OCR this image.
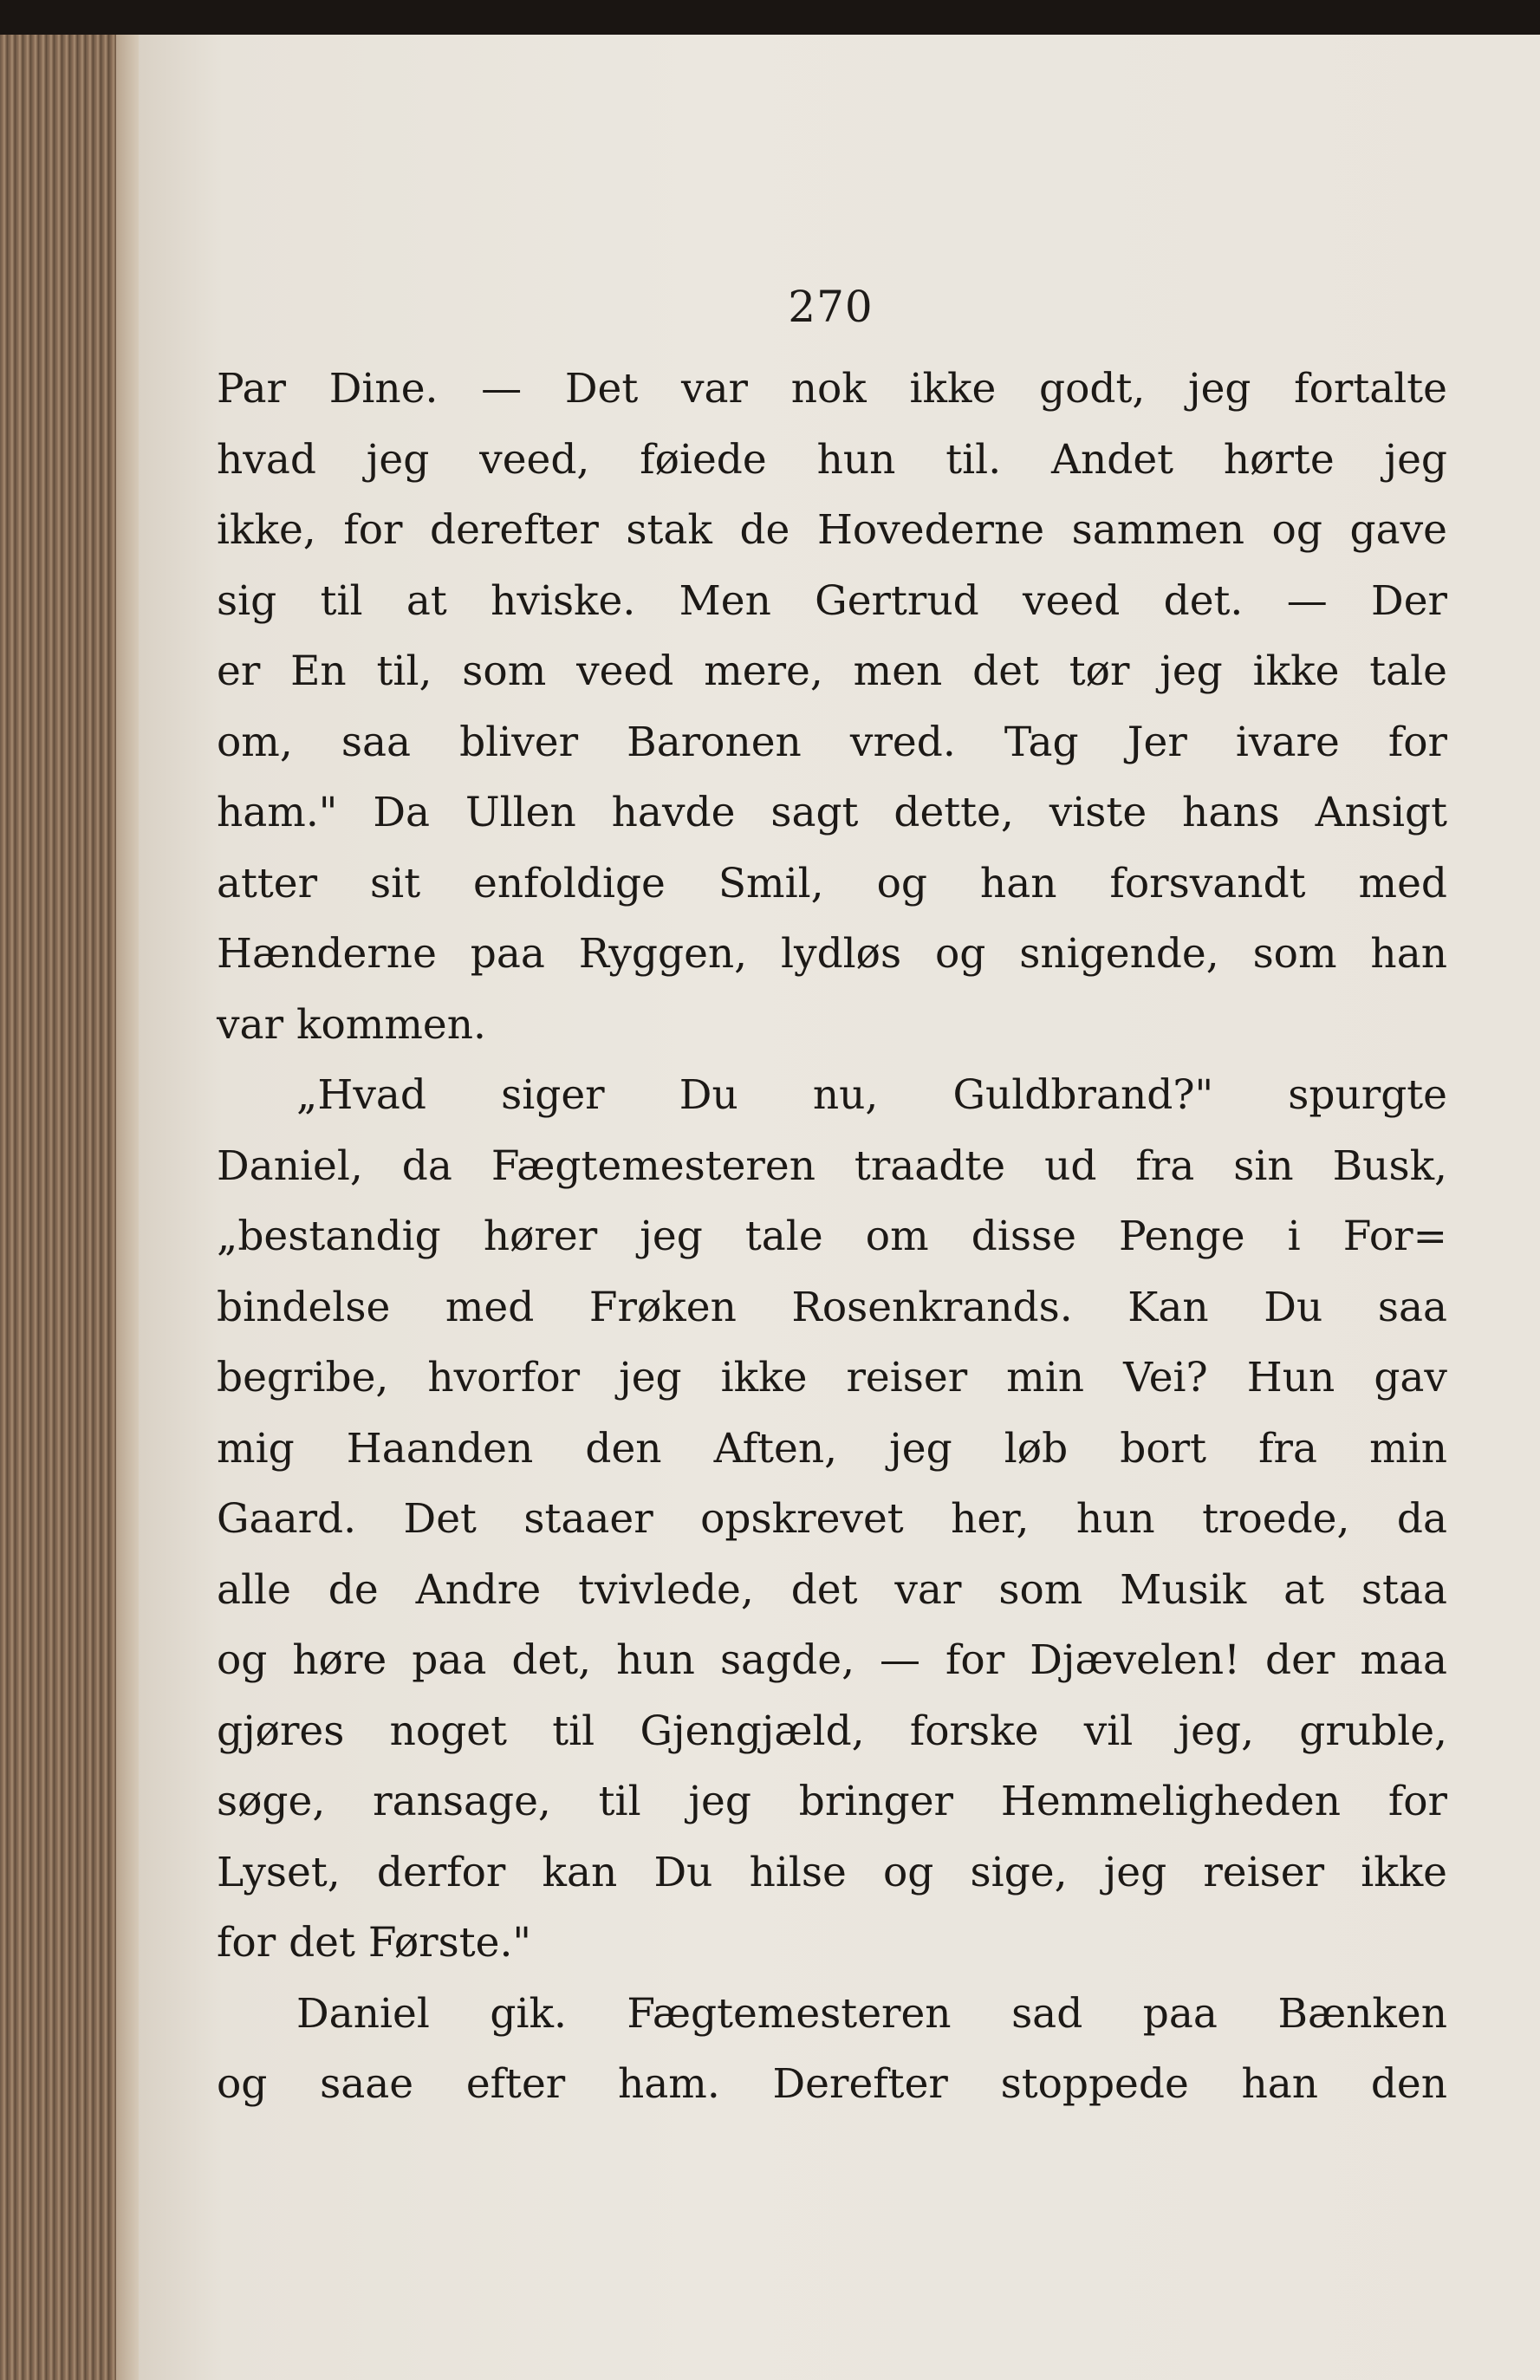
270
Par Dine. — Det var nok ikke godt, jeg fortalte
hvad jeg veed, føiede hun til. Andet hørte jeg
ikke, for derefter stak de Hovederne sammen og gave
sig til at hviske. Men Gertrud veed det. — Der
er En til, som veed mere, men det tør jeg ikke tale
om, saa bliver Baronen vred. Tag Jer ivare for
ham." Da Ullen havde sagt dette, viste hans Ansigt
atter sit enfoldige Smil, og han forsvandt med
Hænderne paa Ryggen, lydløs og snigende, som han
var kommen.
„Hvad siger Du nu, Guldbrand?" spurgte
Daniel, da Fægtemesteren traadte ud fra sin Busk,
„bestandig hører jeg tale om disse Penge i For=
bindelse med Frøken Rosenkrands. Kan Du saa
begribe, hvorfor jeg ikke reiser min Vei? Hun gav
mig Haanden den Aften, jeg løb bort fra min
Gaard. Det staaer opskrevet her, hun troede, da
alle de Andre tvivlede, det var som Musik at staa
og høre paa det, hun sagde, — for Djævelen! der maa
gjøres noget til Gjengjæld, forske vil jeg, gruble,
søge, ransage, til jeg bringer Hemmeligheden for
Lyset, derfor kan Du hilse og sige, jeg reiser ikke
for det Første."
Daniel gik. Fægtemesteren sad paa Bænken
og saae efter ham. Derefter stoppede han den
